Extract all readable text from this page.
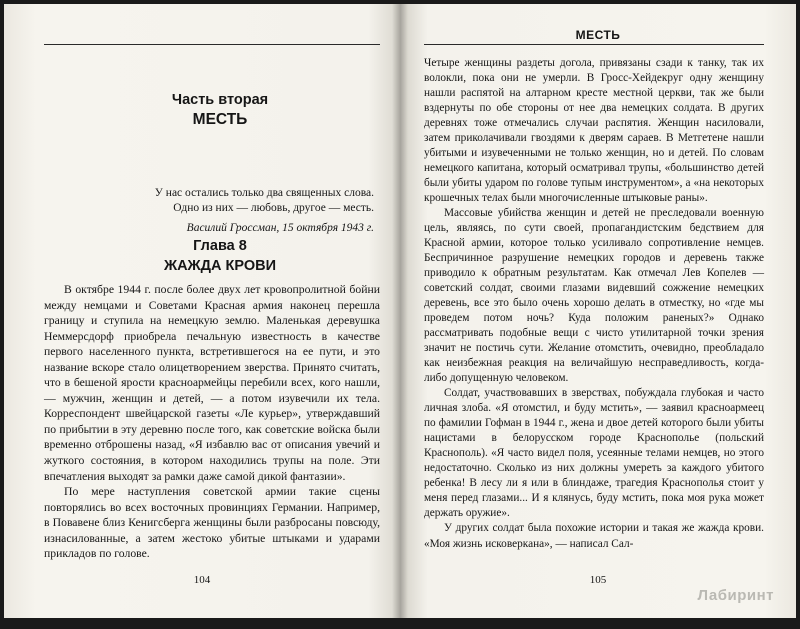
Часть вторая
МЕСТЬ
У нас остались только два священных слова.
Одно из них — любовь, другое — месть.
Василий Гроссман, 15 октября 1943 г.
Глава 8
ЖАЖДА КРОВИ

В октябре 1944 г. после более двух лет кровопролитной бойни между немцами и Советами Красная армия наконец перешла границу и ступила на немецкую землю. Маленькая деревушка Неммерсдорф приобрела печальную известность в качестве первого населенного пункта, встретившегося на ее пути, и это название вскоре стало олицетворением зверства. Принято считать, что в бешеной ярости красноармейцы перебили всех, кого нашли, — мужчин, женщин и детей, — а потом изувечили их тела. Корреспондент швейцарской газеты «Ле курьер», утверждавший по прибытии в эту деревню после того, как советские войска были временно отброшены назад, «Я избавлю вас от описания увечий и жуткого состояния, в котором находились трупы на поле. Эти впечатления выходят за рамки даже самой дикой фантазии».

По мере наступления советской армии такие сцены повторялись во всех восточных провинциях Германии. Например, в Повавене близ Кенигсберга женщины были разбросаны повсюду, изнасилованные, а затем жестоко убитые штыками и ударами прикладов по голове.

104
МЕСТЬ

Четыре женщины раздеты догола, привязаны сзади к танку, так их волокли, пока они не умерли. В Гросс-Хейдекруг одну женщину нашли распятой на алтарном кресте местной церкви, так же были вздернуты по обе стороны от нее два немецких солдата. В других деревнях тоже отмечались случаи распятия. Женщин насиловали, затем приколачивали гвоздями к дверям сараев. В Метгетене нашли убитыми и изувеченными не только женщин, но и детей. По словам немецкого капитана, который осматривал трупы, «большинство детей были убиты ударом по голове тупым инструментом», а «на некоторых крошечных телах были многочисленные штыковые раны».

Массовые убийства женщин и детей не преследовали военную цель, являясь, по сути своей, пропагандистским бедствием для Красной армии, которое только усиливало сопротивление немцев. Беспричинное разрушение немецких городов и деревень также приводило к обратным результатам. Как отмечал Лев Копелев — советский солдат, своими глазами видевший сожжение немецких деревень, все это было очень хорошо делать в отместку, но «где мы проведем потом ночь? Куда положим раненых?» Однако рассматривать подобные вещи с чисто утилитарной точки зрения значит не постичь сути. Желание отомстить, очевидно, преобладало как неизбежная реакция на величайшую несправедливость, когда-либо допущенную человеком.

Солдат, участвовавших в зверствах, побуждала глубокая и часто личная злоба. «Я отомстил, и буду мстить», — заявил красноармеец по фамилии Гофман в 1944 г., жена и двое детей которого были убиты нацистами в белорусском городе Краснополье (польский Краснополь). «Я часто видел поля, усеянные телами немцев, но этого недостаточно. Сколько из них должны умереть за каждого убитого ребенка! В лесу ли я или в блиндаже, трагедия Краснополья стоит у меня перед глазами... И я клянусь, буду мстить, пока моя рука может держать оружие».

У других солдат была похожие истории и такая же жажда крови. «Моя жизнь исковеркана», — написал Сал-

105
Лабиринт
